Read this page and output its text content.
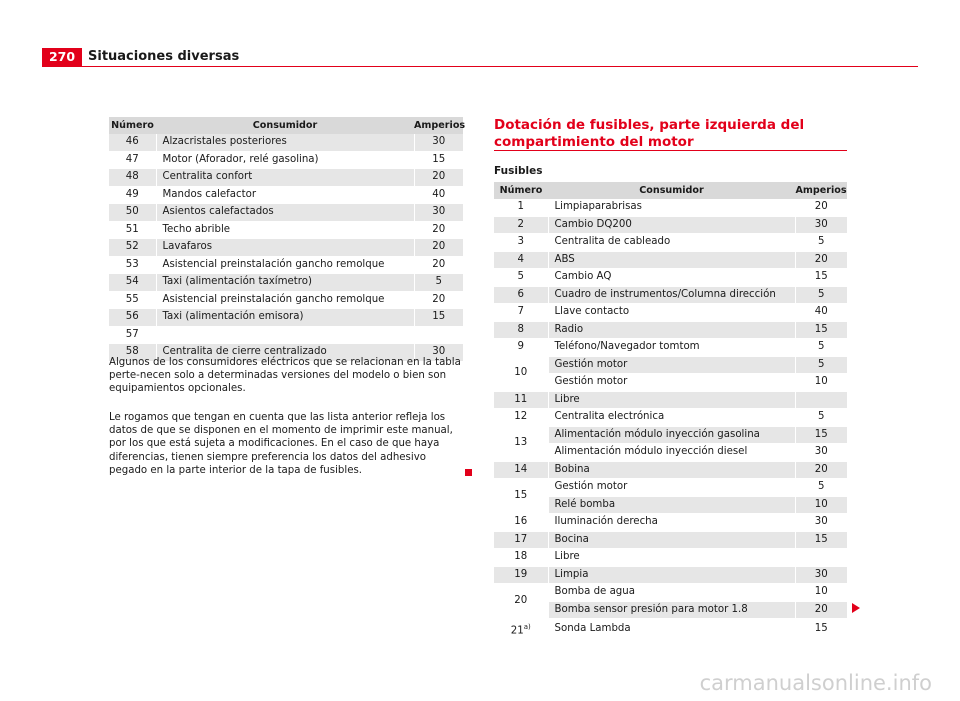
270 Situaciones diversas
Número	Consumidor	Amperios
46	Alzacristales posteriores	30
47	Motor (Aforador, relé gasolina)	15
48	Centralita confort	20
49	Mandos calefactor	40
50	Asientos calefactados	30
51	Techo abrible	20
52	Lavafaros	20
53	Asistencial preinstalación gancho remolque	20
54	Taxi (alimentación taxímetro)	5
55	Asistencial preinstalación gancho remolque	20
56	Taxi (alimentación emisora)	15
57		
58	Centralita de cierre centralizado	30
Algunos de los consumidores eléctricos que se relacionan en la tabla perte-necen solo a determinadas versiones del modelo o bien son equipamientos opcionales.
Le rogamos que tengan en cuenta que las lista anterior refleja los datos de que se disponen en el momento de imprimir este manual, por los que está sujeta a modificaciones. En el caso de que haya diferencias, tienen siempre preferencia los datos del adhesivo pegado en la parte interior de la tapa de fusibles.
Dotación de fusibles, parte izquierda del compartimiento del motor
Fusibles
Número	Consumidor	Amperios
1	Limpiaparabrisas	20
2	Cambio DQ200	30
3	Centralita de cableado	5
4	ABS	20
5	Cambio AQ	15
6	Cuadro de instrumentos/Columna dirección	5
7	Llave contacto	40
8	Radio	15
9	Teléfono/Navegador tomtom	5
10	Gestión motor	5
	Gestión motor	10
11	Libre	
12	Centralita electrónica	5
13	Alimentación módulo inyección gasolina	15
	Alimentación módulo inyección diesel	30
14	Bobina	20
15	Gestión motor	5
	Relé bomba	10
16	Iluminación derecha	30
17	Bocina	15
18	Libre	
19	Limpia	30
20	Bomba de agua	10
	Bomba sensor presión para motor 1.8	20
21$^{a)}$	Sonda Lambda	15
carmanualsonline.info
